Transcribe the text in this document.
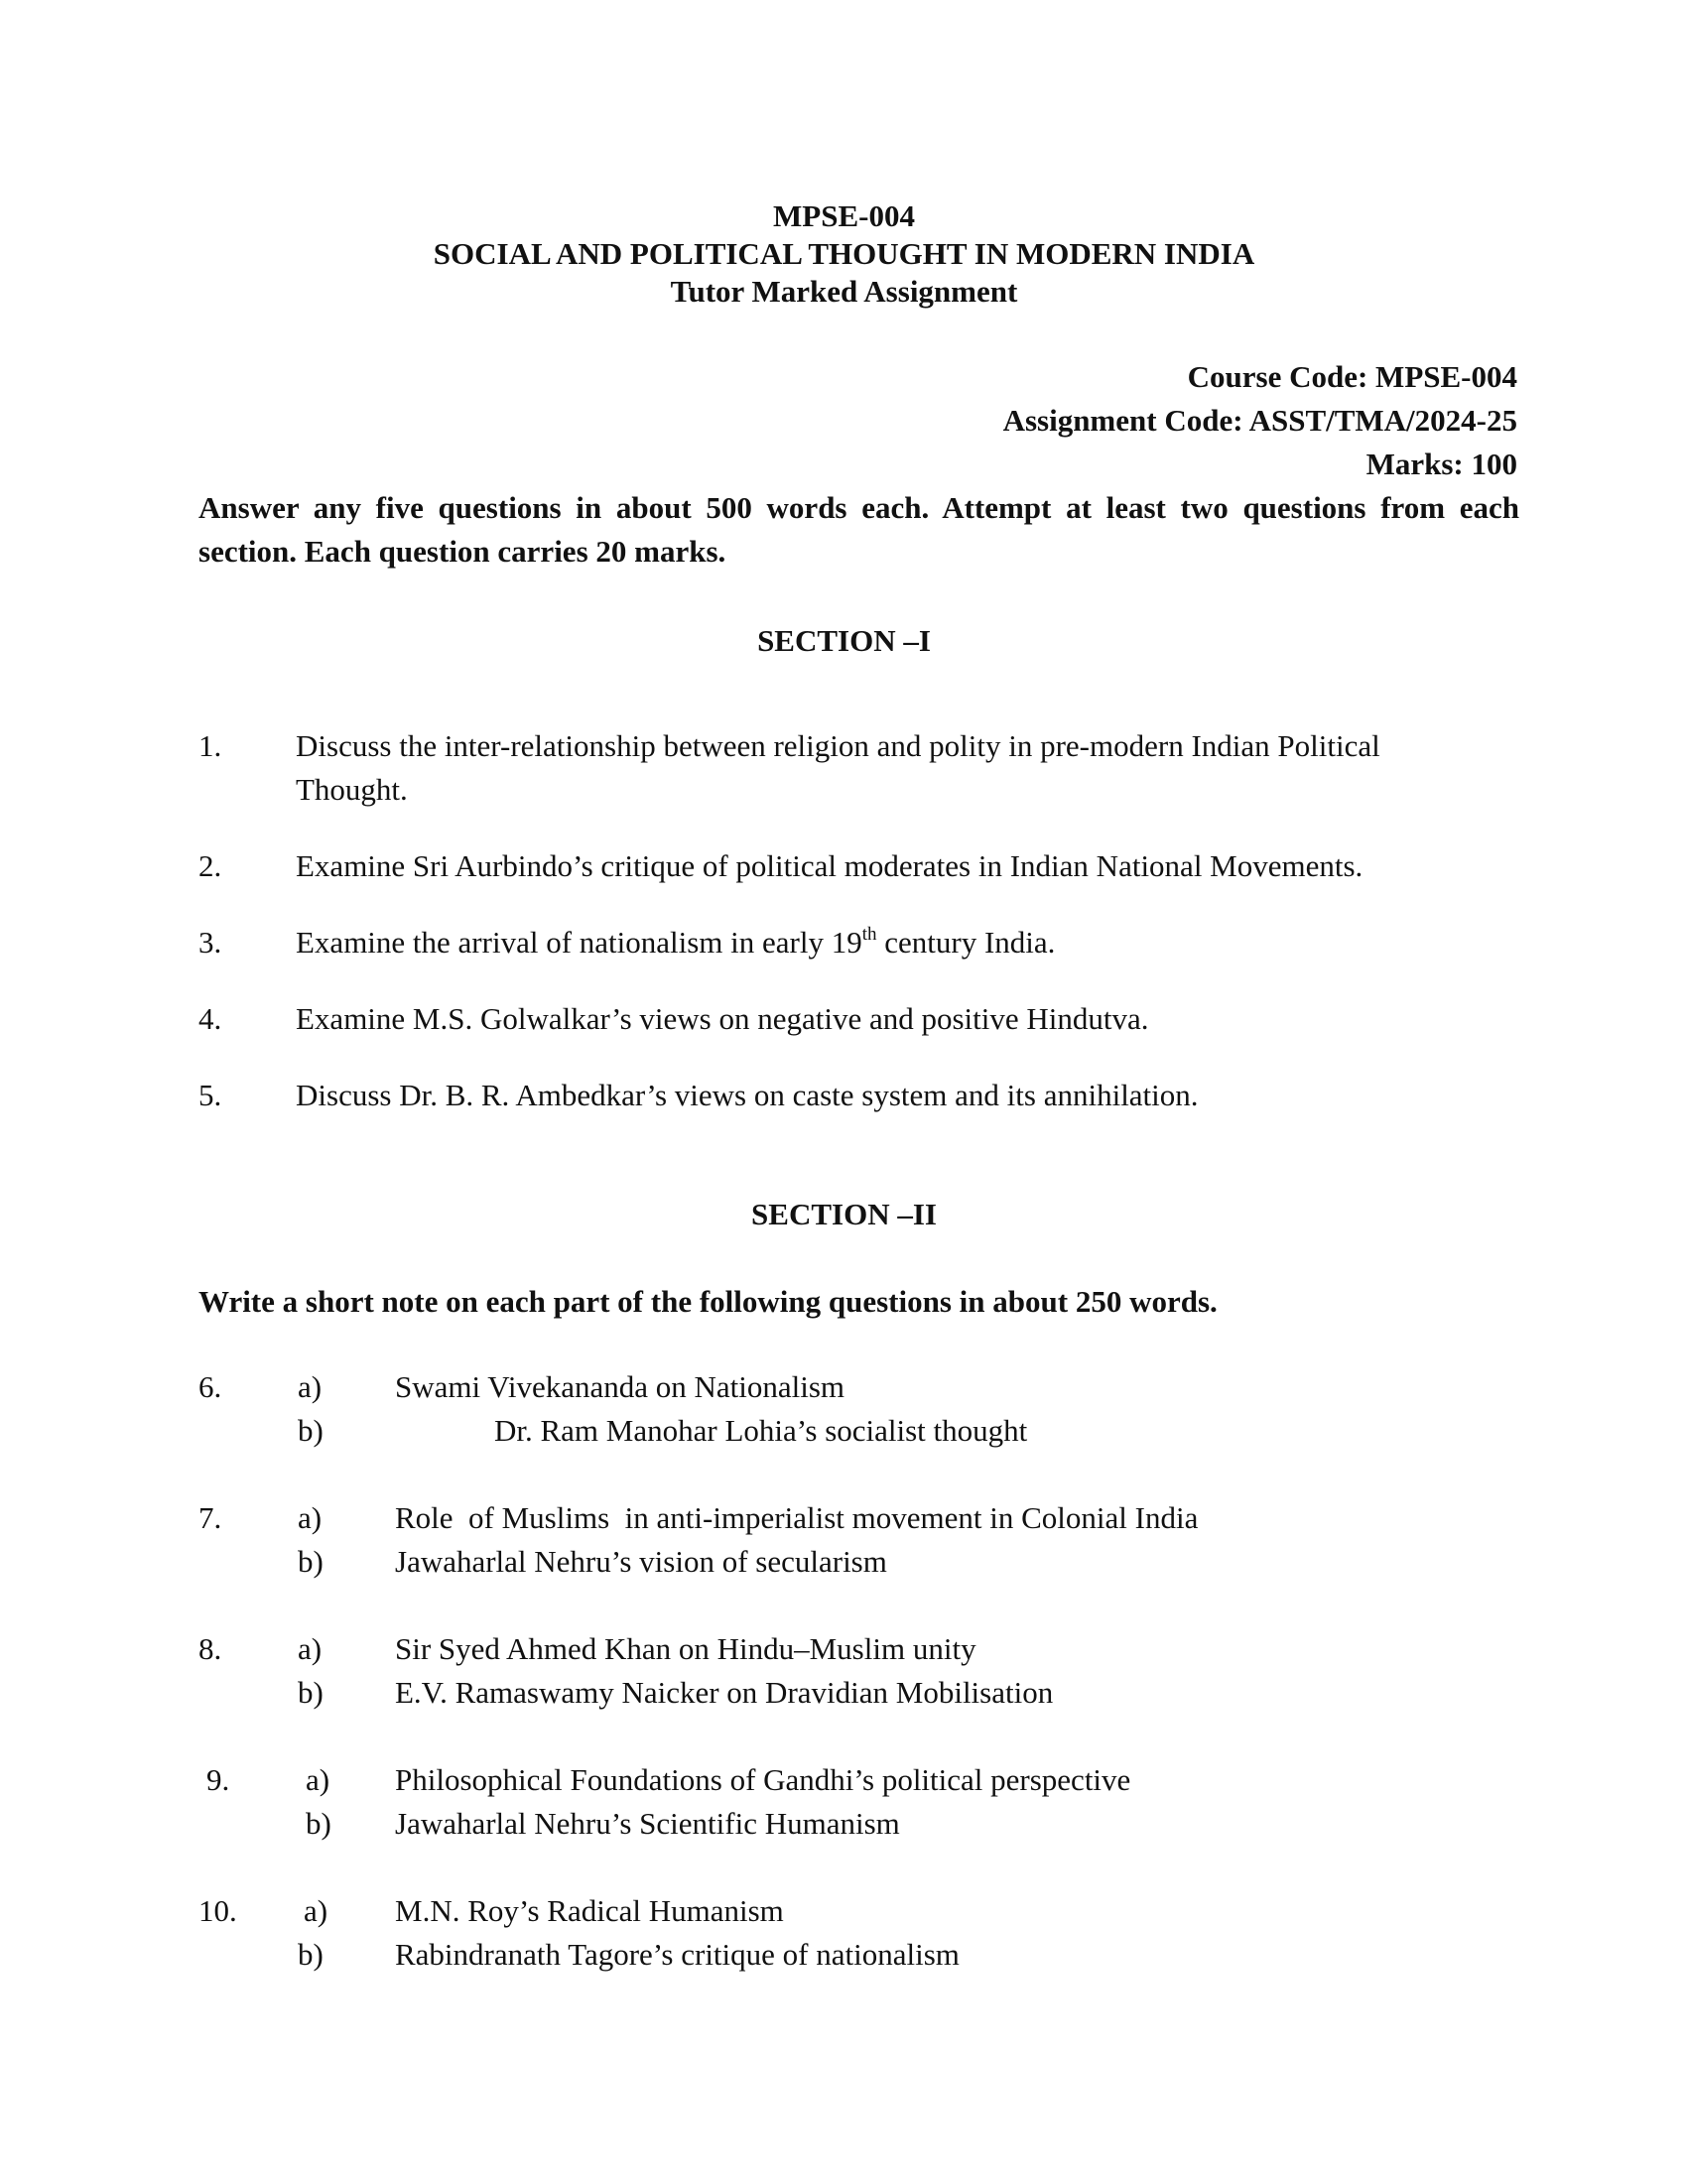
MPSE-004
SOCIAL AND POLITICAL THOUGHT IN MODERN INDIA
Tutor Marked Assignment
Course Code: MPSE-004
Assignment Code: ASST/TMA/2024-25
Marks: 100
Answer any five questions in about 500 words each. Attempt at least two questions from each
section. Each question carries 20 marks.
SECTION –I
1. Discuss the inter-relationship between religion and polity in pre-modern Indian Political
Thought.
2. Examine Sri Aurbindo’s critique of political moderates in Indian National Movements.
3. Examine the arrival of nationalism in early 19th century India.
4. Examine M.S. Golwalkar’s views on negative and positive Hindutva.
5. Discuss Dr. B. R. Ambedkar’s views on caste system and its annihilation.
SECTION –II
Write a short note on each part of the following questions in about 250 words.
6. a) Swami Vivekananda on Nationalism
b)	Dr. Ram Manohar Lohia’s socialist thought
7. a) Role  of Muslims  in anti-imperialist movement in Colonial India
b) Jawaharlal Nehru’s vision of secularism
8. a) Sir Syed Ahmed Khan on Hindu–Muslim unity
b) E.V. Ramaswamy Naicker on Dravidian Mobilisation
9. a) Philosophical Foundations of Gandhi’s political perspective
b) Jawaharlal Nehru’s Scientific Humanism
10. a) M.N. Roy’s Radical Humanism
b) Rabindranath Tagore’s critique of nationalism
